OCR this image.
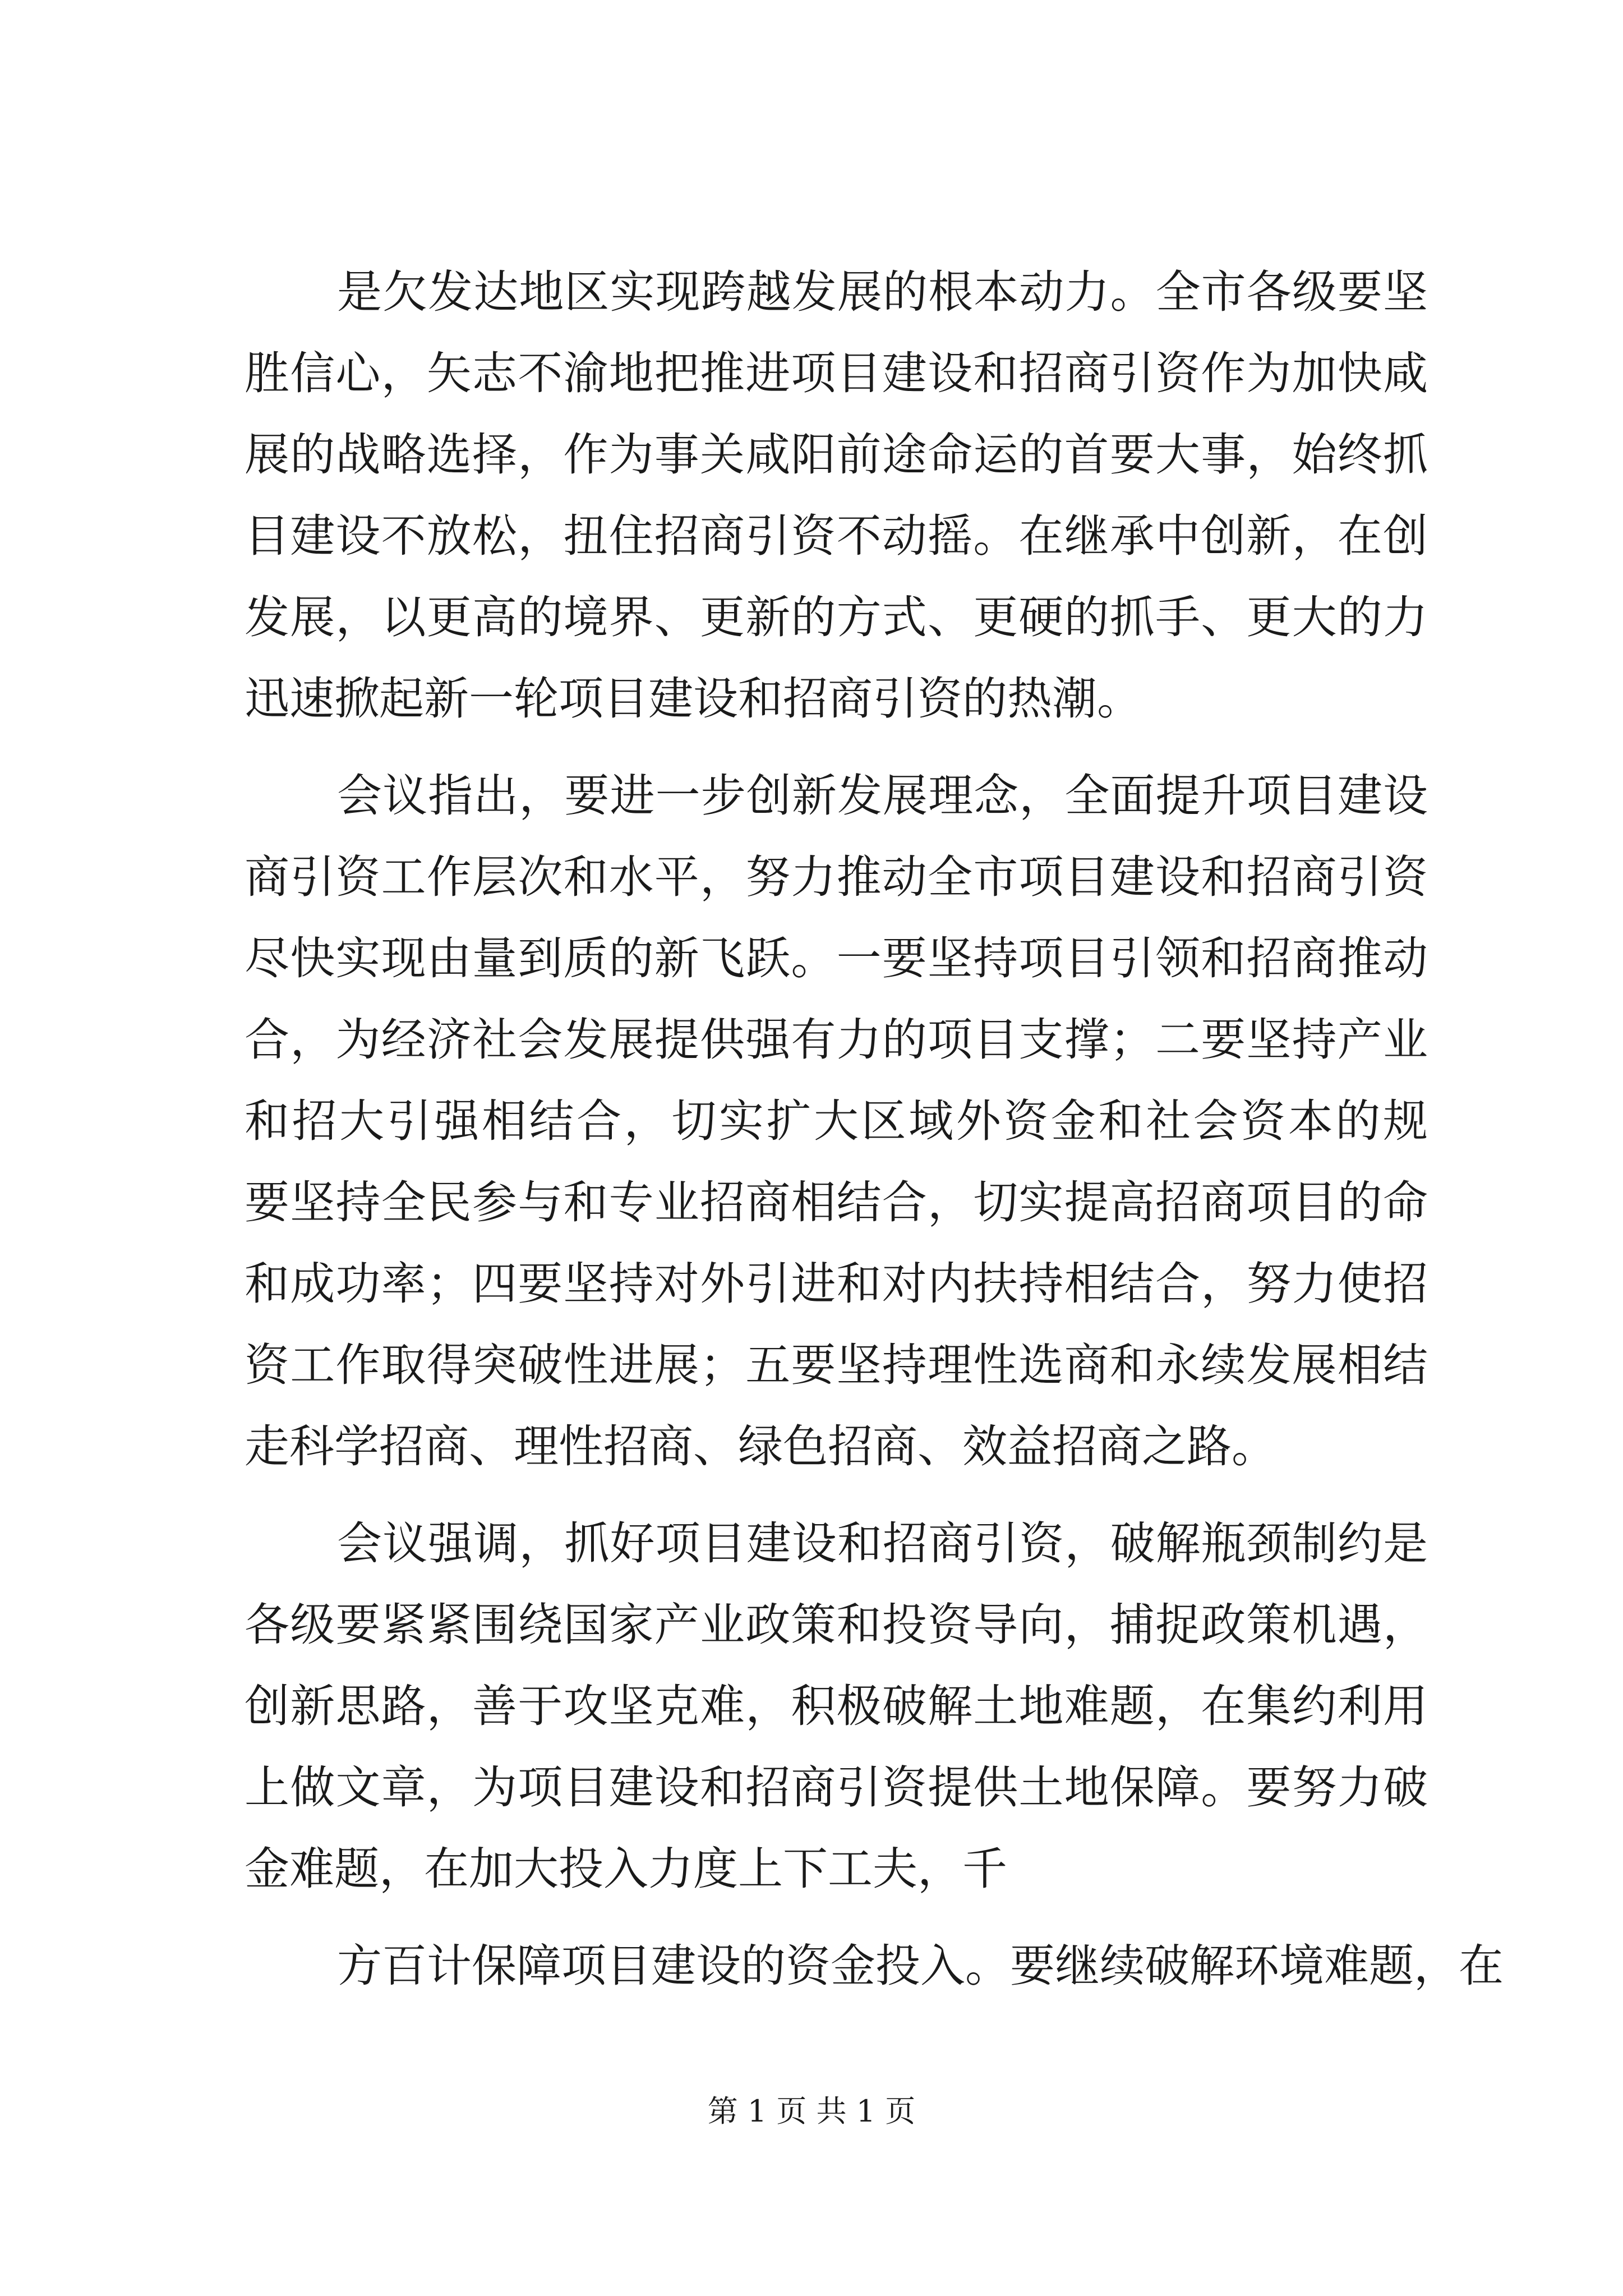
是欠发达地区实现跨越发展的根本动力。全市各级要坚
胜信心，矢志不渝地把推进项目建设和招商引资作为加快咸
展的战略选择，作为事关咸阳前途命运的首要大事，始终抓
目建设不放松，扭住招商引资不动摇。在继承中创新，在创
发展，以更高的境界、更新的方式、更硬的抓手、更大的力
迅速掀起新一轮项目建设和招商引资的热潮。
会议指出，要进一步创新发展理念，全面提升项目建设
商引资工作层次和水平，努力推动全市项目建设和招商引资
尽快实现由量到质的新飞跃。一要坚持项目引领和招商推动
合，为经济社会发展提供强有力的项目支撑；二要坚持产业
和招大引强相结合，切实扩大区域外资金和社会资本的规
要坚持全民参与和专业招商相结合，切实提高招商项目的命
和成功率；四要坚持对外引进和对内扶持相结合，努力使招
资工作取得突破性进展；五要坚持理性选商和永续发展相结
走科学招商、理性招商、绿色招商、效益招商之路。
会议强调，抓好项目建设和招商引资，破解瓶颈制约是
各级要紧紧围绕国家产业政策和投资导向，捕捉政策机遇，
创新思路，善于攻坚克难，积极破解土地难题，在集约利用
上做文章，为项目建设和招商引资提供土地保障。要努力破
金难题，在加大投入力度上下工夫，千
方百计保障项目建设的资金投入。要继续破解环境难题，在
第 1 页 共 1 页
